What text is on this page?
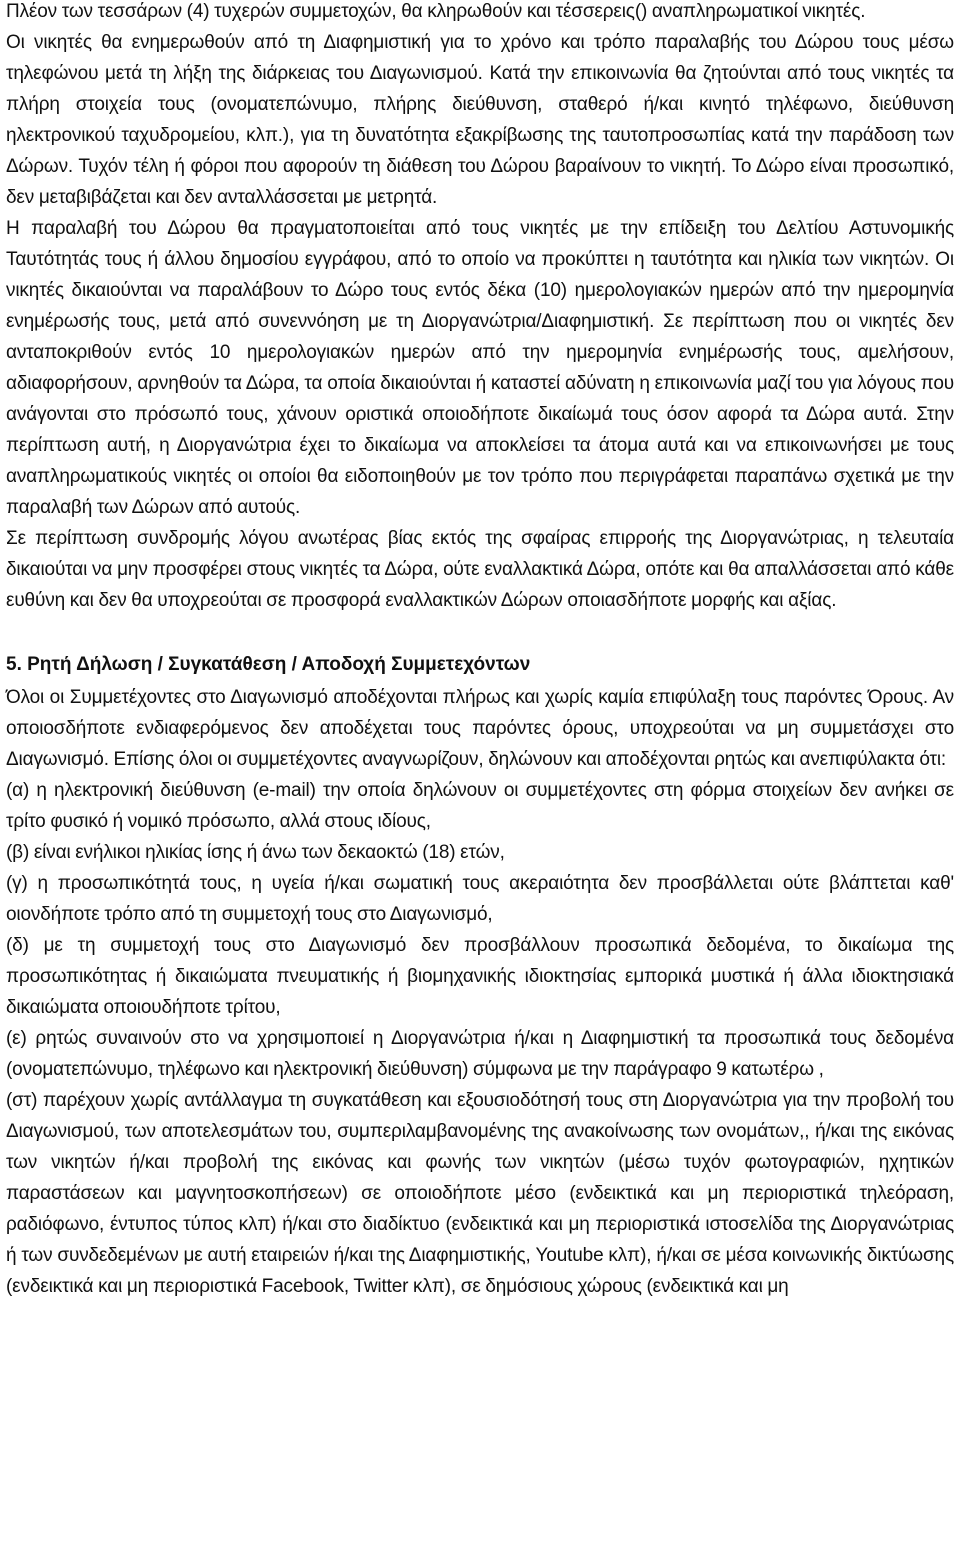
Πλέον των τεσσάρων (4) τυχερών συμμετοχών, θα κληρωθούν και τέσσερεις() αναπληρωματικοί νικητές.

Οι νικητές θα ενημερωθούν από τη Διαφημιστική για το χρόνο και τρόπο παραλαβής του Δώρου τους μέσω τηλεφώνου μετά τη λήξη της διάρκειας του Διαγωνισμού. Κατά την επικοινωνία θα ζητούνται από τους νικητές τα πλήρη στοιχεία τους (ονοματεπώνυμο, πλήρης διεύθυνση, σταθερό ή/και κινητό τηλέφωνο, διεύθυνση ηλεκτρονικού ταχυδρομείου, κλπ.), για τη δυνατότητα εξακρίβωσης της ταυτοπροσωπίας κατά την παράδοση των Δώρων. Τυχόν τέλη ή φόροι που αφορούν τη διάθεση του Δώρου βαραίνουν το νικητή. Το Δώρο είναι προσωπικό, δεν μεταβιβάζεται και δεν ανταλλάσσεται με μετρητά.

Η παραλαβή του Δώρου θα πραγματοποιείται από τους νικητές με την επίδειξη του Δελτίου Αστυνομικής Ταυτότητάς τους ή άλλου δημοσίου εγγράφου, από το οποίο να προκύπτει η ταυτότητα και ηλικία των νικητών. Οι νικητές δικαιούνται να παραλάβουν το Δώρο τους εντός δέκα (10) ημερολογιακών ημερών από την ημερομηνία ενημέρωσής τους, μετά από συνεννόηση με τη Διοργανώτρια/Διαφημιστική. Σε περίπτωση που οι νικητές δεν ανταποκριθούν εντός 10 ημερολογιακών ημερών από την ημερομηνία ενημέρωσής τους, αμελήσουν, αδιαφορήσουν, αρνηθούν τα Δώρα, τα οποία δικαιούνται ή καταστεί αδύνατη η επικοινωνία μαζί του για λόγους που ανάγονται στο πρόσωπό τους, χάνουν οριστικά οποιοδήποτε δικαίωμά τους όσον αφορά τα Δώρα αυτά. Στην περίπτωση αυτή, η Διοργανώτρια έχει το δικαίωμα να αποκλείσει τα άτομα αυτά και να επικοινωνήσει με τους αναπληρωματικούς νικητές οι οποίοι θα ειδοποιηθούν με τον τρόπο που περιγράφεται παραπάνω σχετικά με την παραλαβή των Δώρων από αυτούς.

Σε περίπτωση συνδρομής λόγου ανωτέρας βίας εκτός της σφαίρας επιρροής της Διοργανώτριας, η τελευταία δικαιούται να μην προσφέρει στους νικητές τα Δώρα, ούτε εναλλακτικά Δώρα, οπότε και θα απαλλάσσεται από κάθε ευθύνη και δεν θα υποχρεούται σε προσφορά εναλλακτικών Δώρων οποιασδήποτε μορφής και αξίας.

5. Ρητή Δήλωση / Συγκατάθεση / Αποδοχή Συμμετεχόντων

Όλοι οι Συμμετέχοντες στο Διαγωνισμό αποδέχονται πλήρως και χωρίς καμία επιφύλαξη τους παρόντες Όρους. Αν οποιοσδήποτε ενδιαφερόμενος δεν αποδέχεται τους παρόντες όρους, υποχρεούται να μη συμμετάσχει στο Διαγωνισμό. Επίσης όλοι οι συμμετέχοντες αναγνωρίζουν, δηλώνουν και αποδέχονται ρητώς και ανεπιφύλακτα ότι:

(α) η ηλεκτρονική διεύθυνση (e-mail) την οποία δηλώνουν οι συμμετέχοντες στη φόρμα στοιχείων δεν ανήκει σε τρίτο φυσικό ή νομικό πρόσωπο, αλλά στους ιδίους,

(β) είναι ενήλικοι ηλικίας ίσης ή άνω των δεκαοκτώ (18) ετών,

(γ) η προσωπικότητά τους, η υγεία ή/και σωματική τους ακεραιότητα δεν προσβάλλεται ούτε βλάπτεται καθ' οιονδήποτε τρόπο από τη συμμετοχή τους στο Διαγωνισμό,

(δ) με τη συμμετοχή τους στο Διαγωνισμό δεν προσβάλλουν προσωπικά δεδομένα, το δικαίωμα της προσωπικότητας ή δικαιώματα πνευματικής ή βιομηχανικής ιδιοκτησίας εμπορικά μυστικά ή άλλα ιδιοκτησιακά δικαιώματα οποιουδήποτε τρίτου,

(ε) ρητώς συναινούν στο να χρησιμοποιεί η Διοργανώτρια ή/και η Διαφημιστική τα προσωπικά τους δεδομένα (ονοματεπώνυμο, τηλέφωνο και ηλεκτρονική διεύθυνση) σύμφωνα με την παράγραφο 9 κατωτέρω ,

(στ) παρέχουν χωρίς αντάλλαγμα τη συγκατάθεση και εξουσιοδότησή τους στη Διοργανώτρια για την προβολή του Διαγωνισμού, των αποτελεσμάτων του, συμπεριλαμβανομένης της ανακοίνωσης των ονομάτων,, ή/και της εικόνας των νικητών ή/και προβολή της εικόνας και φωνής των νικητών (μέσω τυχόν φωτογραφιών, ηχητικών παραστάσεων και μαγνητοσκοπήσεων) σε οποιοδήποτε μέσο (ενδεικτικά και μη περιοριστικά τηλεόραση, ραδιόφωνο, έντυπος τύπος κλπ) ή/και στο διαδίκτυο (ενδεικτικά και μη περιοριστικά ιστοσελίδα της Διοργανώτριας ή των συνδεδεμένων με αυτή εταιρειών ή/και της Διαφημιστικής, Youtube κλπ), ή/και σε μέσα κοινωνικής δικτύωσης (ενδεικτικά και μη περιοριστικά Facebook, Twitter κλπ), σε δημόσιους χώρους (ενδεικτικά και μη
